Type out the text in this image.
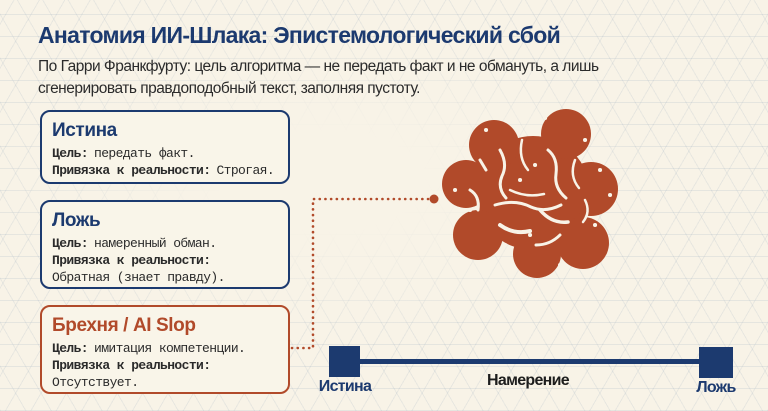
Анатомия ИИ-Шлака: Эпистемологический сбой
По Гарри Франкфурту: цель алгоритма — не передать факт и не обмануть, а лишь
сгенерировать правдоподобный текст, заполняя пустоту.
Истина
Цель: передать факт.
Привязка к реальности: Строгая.
Ложь
Цель: намеренный обман.
Привязка к реальности:
Обратная (знает правду).
Брехня / AI Slop
Цель: имитация компетенции.
Привязка к реальности:
Отсутствует.	Истина	Намерение	Ложь
